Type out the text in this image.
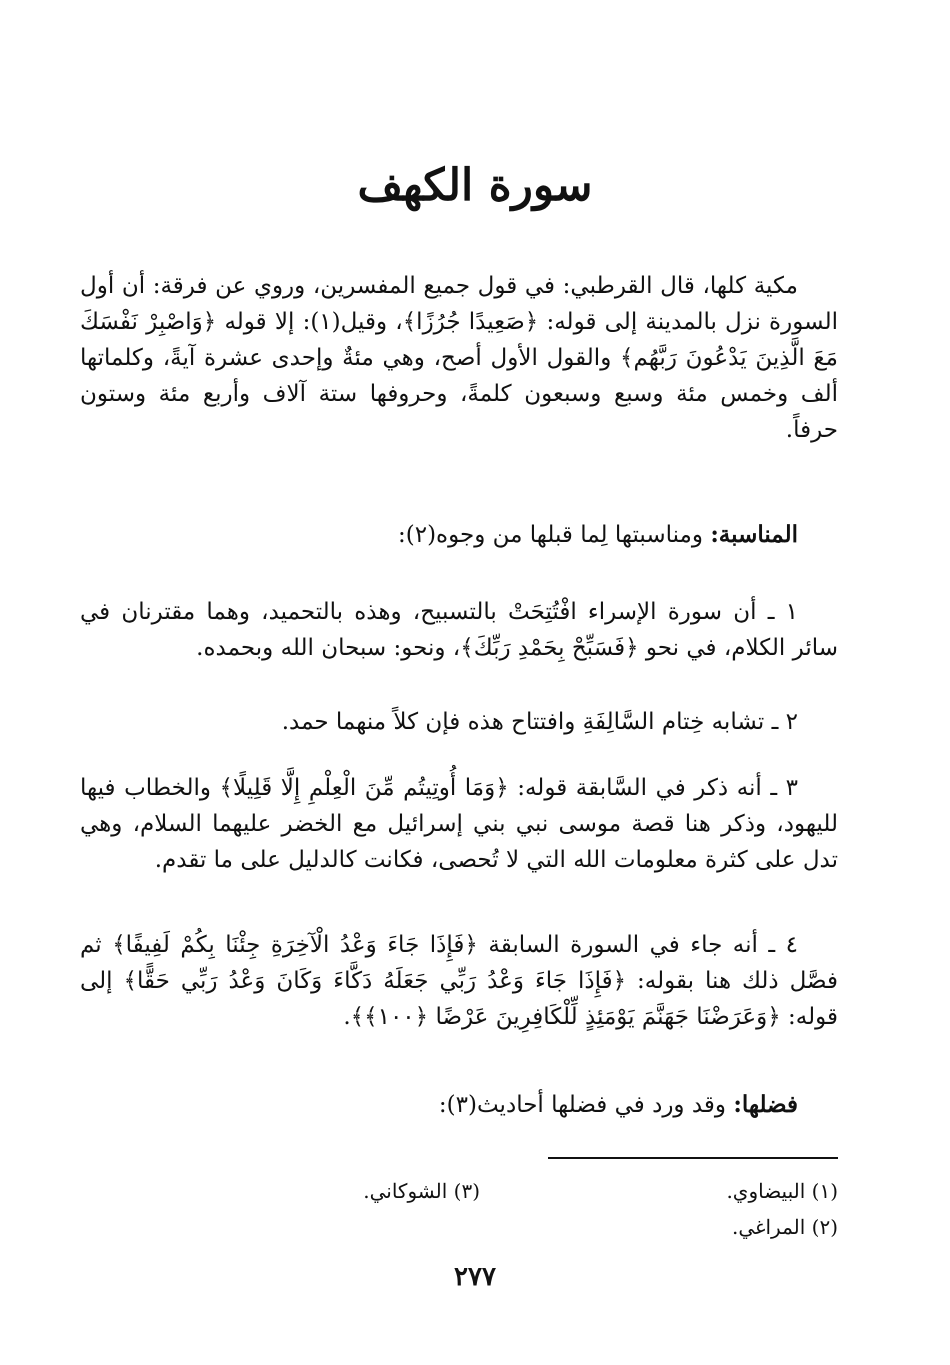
سورة الكهف

مكية كلها، قال القرطبي: في قول جميع المفسرين، وروي عن فرقة: أن أول السورة نزل بالمدينة إلى قوله: ﴿صَعِيدًا جُرُزًا﴾، وقيل(١): إلا قوله ﴿وَاصْبِرْ نَفْسَكَ مَعَ الَّذِينَ يَدْعُونَ رَبَّهُم﴾ والقول الأول أصح، وهي مئةٌ وإحدى عشرة آيةً، وكلماتها ألف وخمس مئة وسبع وسبعون كلمةً، وحروفها ستة آلاف وأربع مئة وستون حرفاً.

المناسبة: ومناسبتها لِما قبلها من وجوه(٢):

١ ـ أن سورة الإسراء افْتُتِحَتْ بالتسبيح، وهذه بالتحميد، وهما مقترنان في سائر الكلام، في نحو ﴿فَسَبِّحْ بِحَمْدِ رَبِّكَ﴾، ونحو: سبحان الله وبحمده.

٢ ـ تشابه خِتام السَّالِفَةِ وافتتاح هذه فإن كلاً منهما حمد.

٣ ـ أنه ذكر في السَّابقة قوله: ﴿وَمَا أُوتِيتُم مِّنَ الْعِلْمِ إِلَّا قَلِيلًا﴾ والخطاب فيها لليهود، وذكر هنا قصة موسى نبي بني إسرائيل مع الخضر عليهما السلام، وهي تدل على كثرة معلومات الله التي لا تُحصى، فكانت كالدليل على ما تقدم.

٤ ـ أنه جاء في السورة السابقة ﴿فَإِذَا جَاءَ وَعْدُ الْآخِرَةِ جِئْنَا بِكُمْ لَفِيفًا﴾ ثم فصَّل ذلك هنا بقوله: ﴿فَإِذَا جَاءَ وَعْدُ رَبِّي جَعَلَهُ دَكَّاءَ وَكَانَ وَعْدُ رَبِّي حَقًّا﴾ إلى قوله: ﴿وَعَرَضْنَا جَهَنَّمَ يَوْمَئِذٍ لِّلْكَافِرِينَ عَرْضًا ﴿١٠٠﴾﴾.

فضلها: وقد ورد في فضلها أحاديث(٣):

(١) البيضاوي.
(٢) المراغي.
(٣) الشوكاني.
٢٧٧
